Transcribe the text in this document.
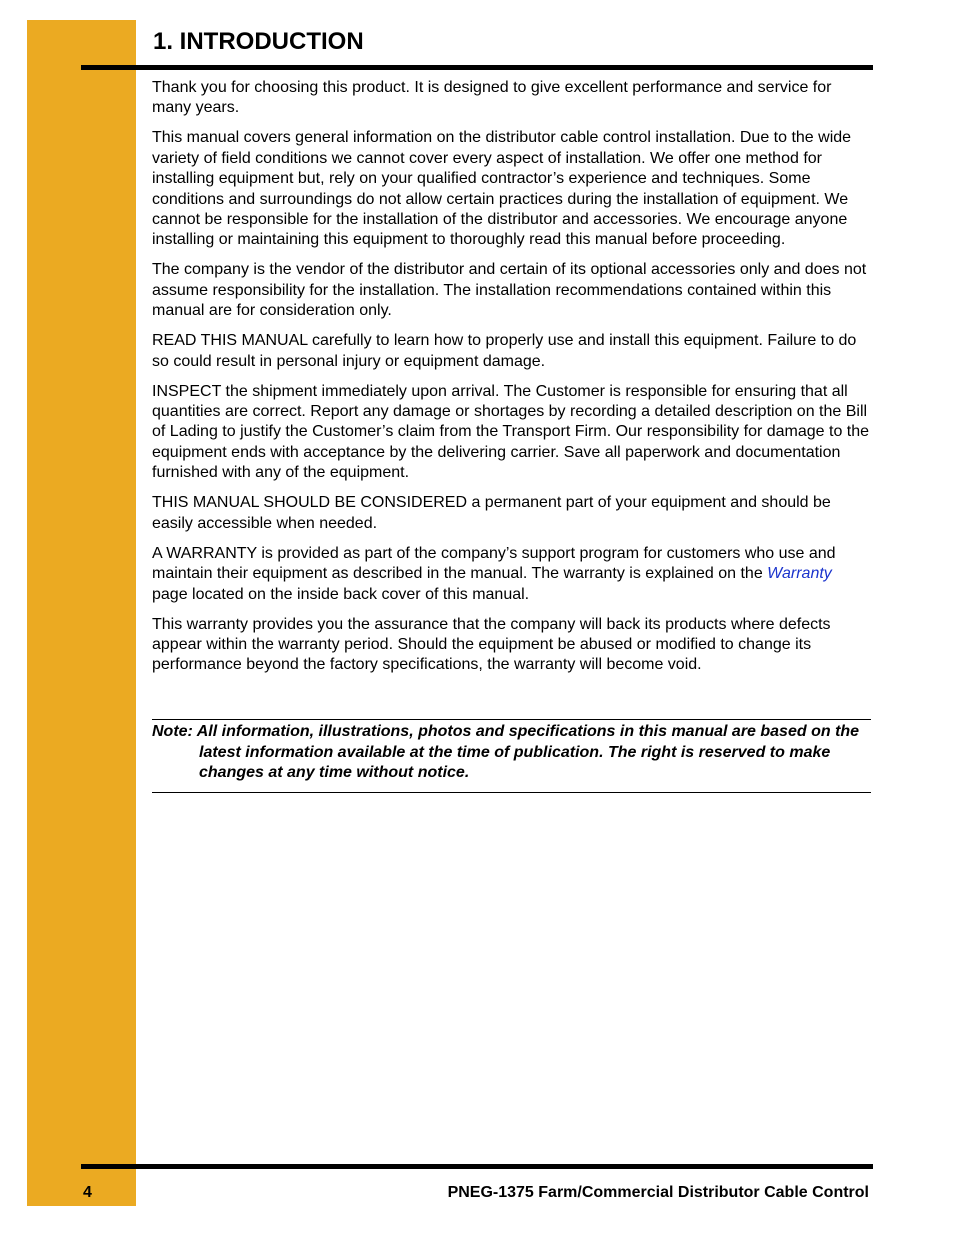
1. INTRODUCTION

Thank you for choosing this product. It is designed to give excellent performance and service for many years.

This manual covers general information on the distributor cable control installation. Due to the wide variety of field conditions we cannot cover every aspect of installation. We offer one method for installing equipment but, rely on your qualified contractor’s experience and techniques. Some conditions and surroundings do not allow certain practices during the installation of equipment. We cannot be responsible for the installation of the distributor and accessories. We encourage anyone installing or maintaining this equipment to thoroughly read this manual before proceeding.

The company is the vendor of the distributor and certain of its optional accessories only and does not assume responsibility for the installation. The installation recommendations contained within this manual are for consideration only.

READ THIS MANUAL carefully to learn how to properly use and install this equipment. Failure to do so could result in personal injury or equipment damage.

INSPECT the shipment immediately upon arrival. The Customer is responsible for ensuring that all quantities are correct. Report any damage or shortages by recording a detailed description on the Bill of Lading to justify the Customer’s claim from the Transport Firm. Our responsibility for damage to the equipment ends with acceptance by the delivering carrier. Save all paperwork and documentation furnished with any of the equipment.

THIS MANUAL SHOULD BE CONSIDERED a permanent part of your equipment and should be easily accessible when needed.

A WARRANTY is provided as part of the company’s support program for customers who use and maintain their equipment as described in the manual. The warranty is explained on the Warranty page located on the inside back cover of this manual.

This warranty provides you the assurance that the company will back its products where defects appear within the warranty period. Should the equipment be abused or modified to change its performance beyond the factory specifications, the warranty will become void.

Note: All information, illustrations, photos and specifications in this manual are based on the latest information available at the time of publication. The right is reserved to make changes at any time without notice.
4	PNEG-1375 Farm/Commercial Distributor Cable Control
